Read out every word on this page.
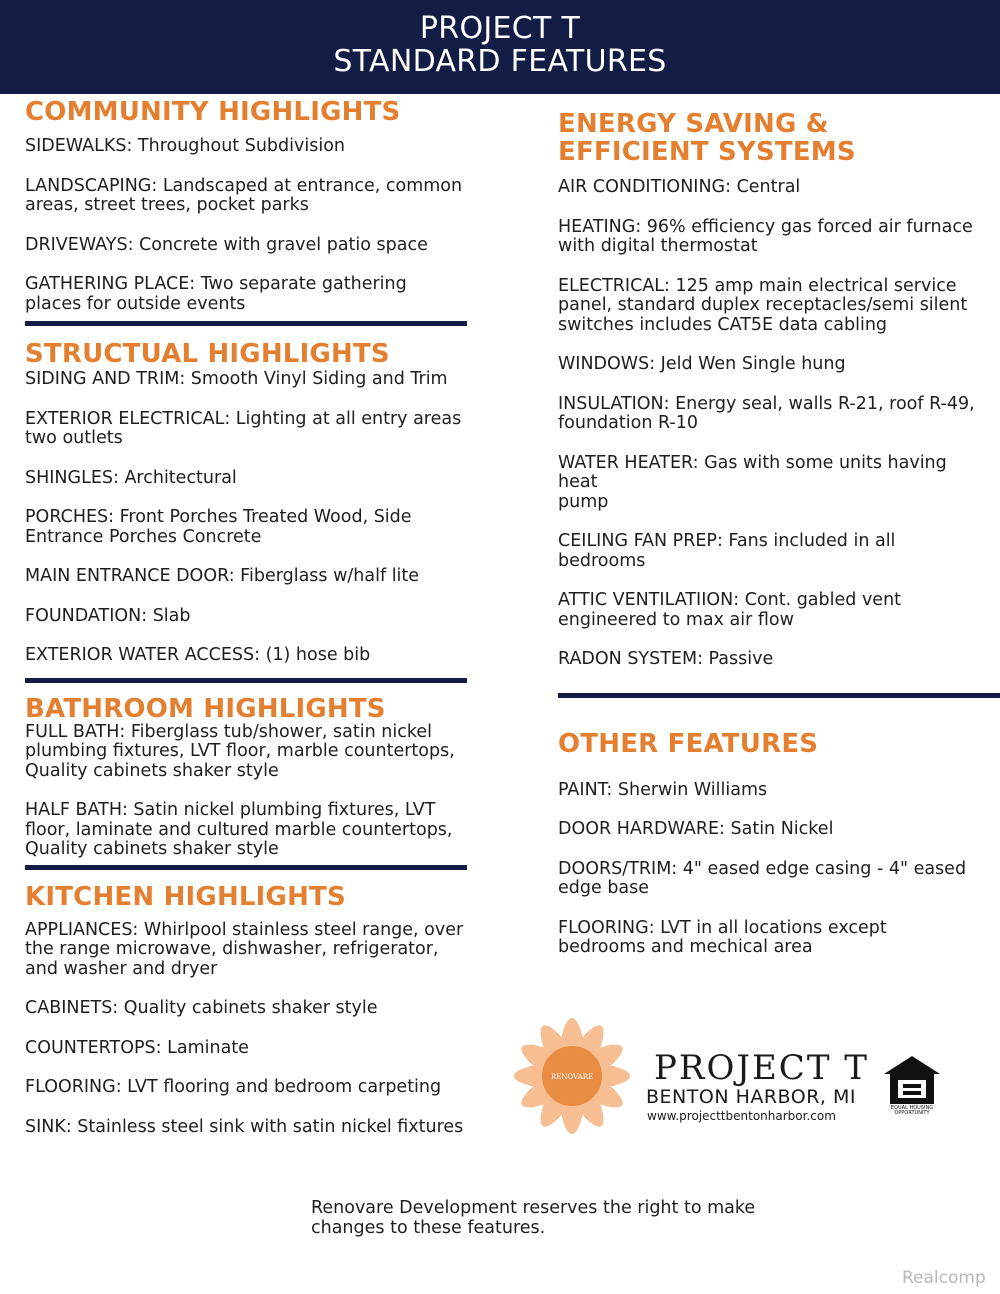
PROJECT T
STANDARD FEATURES
COMMUNITY HIGHLIGHTS
SIDEWALKS: Throughout Subdivision
LANDSCAPING: Landscaped at entrance, common
areas, street trees, pocket parks
DRIVEWAYS: Concrete with gravel patio space
GATHERING PLACE: Two separate gathering
places for outside events
STRUCTUAL HIGHLIGHTS
SIDING AND TRIM: Smooth Vinyl Siding and Trim
EXTERIOR ELECTRICAL: Lighting at all entry areas
two outlets
SHINGLES: Architectural
PORCHES: Front Porches Treated Wood, Side
Entrance Porches Concrete
MAIN ENTRANCE DOOR: Fiberglass w/half lite
FOUNDATION: Slab
EXTERIOR WATER ACCESS: (1) hose bib
BATHROOM HIGHLIGHTS
FULL BATH: Fiberglass tub/shower, satin nickel
plumbing fixtures, LVT floor, marble countertops,
Quality cabinets shaker style
HALF BATH: Satin nickel plumbing fixtures, LVT
floor, laminate and cultured marble countertops,
Quality cabinets shaker style
KITCHEN HIGHLIGHTS
APPLIANCES: Whirlpool stainless steel range, over
the range microwave, dishwasher, refrigerator,
and washer and dryer
CABINETS: Quality cabinets shaker style
COUNTERTOPS: Laminate
FLOORING: LVT flooring and bedroom carpeting
SINK: Stainless steel sink with satin nickel fixtures
ENERGY SAVING &
EFFICIENT SYSTEMS
AIR CONDITIONING: Central
HEATING: 96% efficiency gas forced air furnace
with digital thermostat
ELECTRICAL: 125 amp main electrical service
panel, standard duplex receptacles/semi silent
switches includes CAT5E data cabling
WINDOWS: Jeld Wen Single hung
INSULATION: Energy seal, walls R-21, roof R-49,
foundation R-10
WATER HEATER: Gas with some units having heat
pump
CEILING FAN PREP: Fans included in all
bedrooms
ATTIC VENTILATIION: Cont. gabled vent
engineered to max air flow
RADON SYSTEM: Passive
OTHER FEATURES
PAINT: Sherwin Williams
DOOR HARDWARE: Satin Nickel
DOORS/TRIM: 4" eased edge casing - 4" eased
edge base
FLOORING: LVT in all locations except
bedrooms and mechical area
RENOVARE PROJECT T
BENTON HARBOR, MI
www.projecttbentonharbor.com
EQUAL HOUSING
OPPORTUNITY
Renovare Development reserves the right to make
changes to these features.
Realcomp
